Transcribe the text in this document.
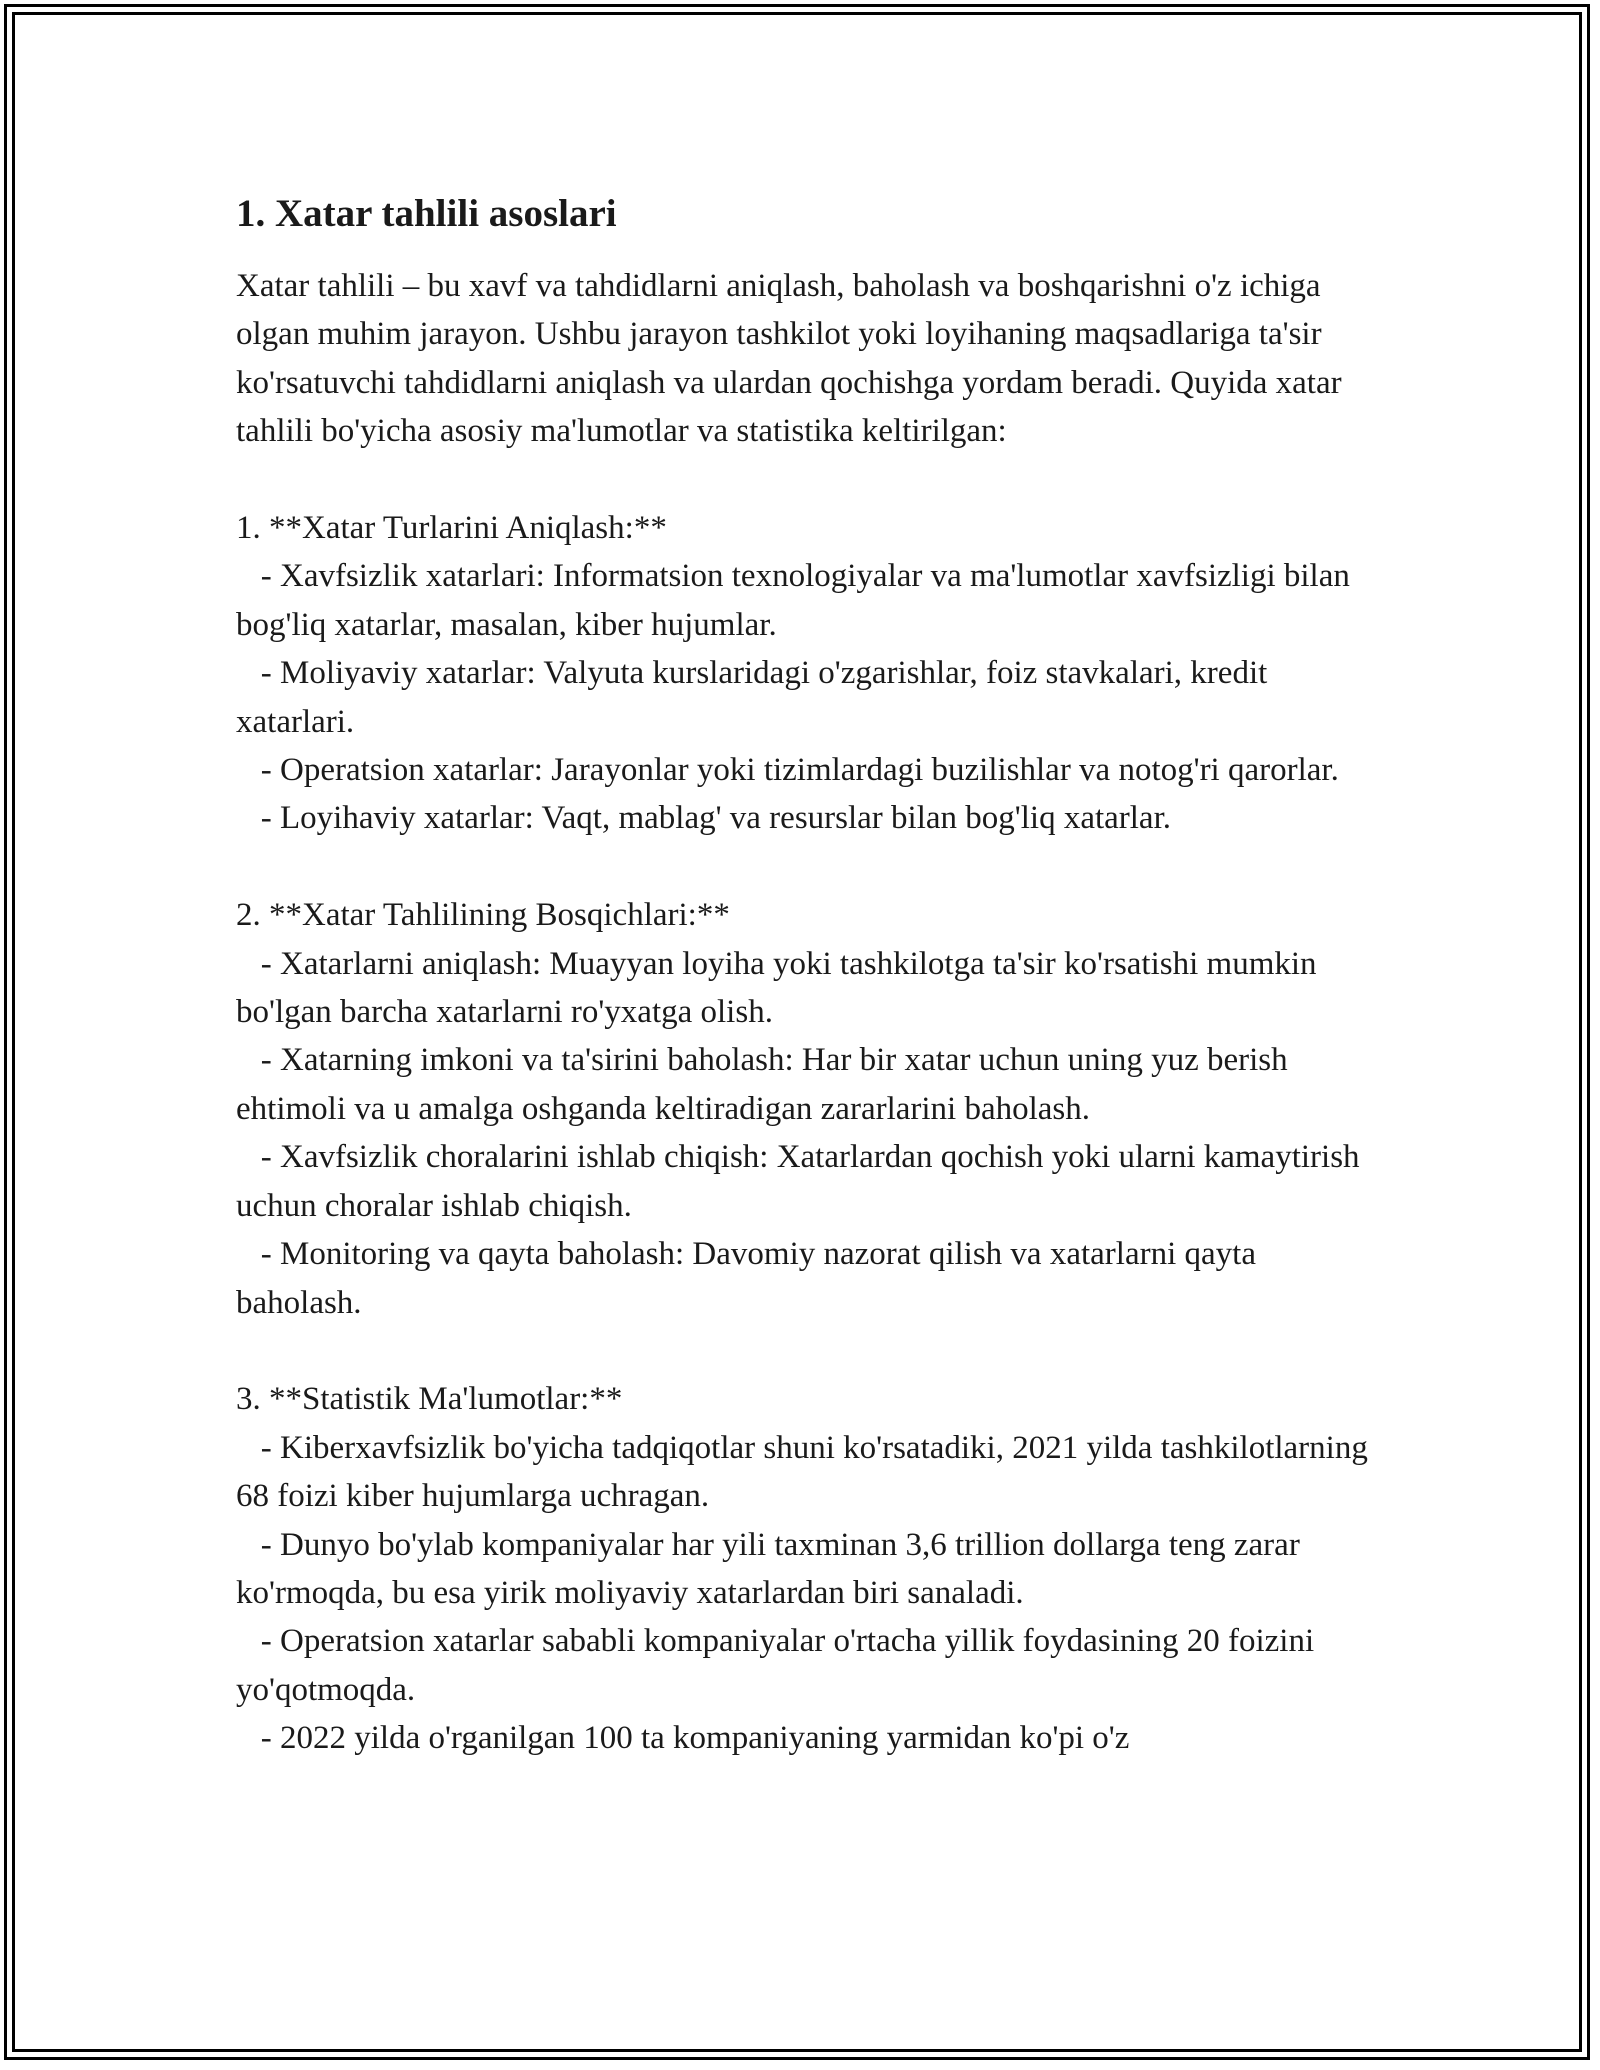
1. Xatar tahlili asoslari

Xatar tahlili – bu xavf va tahdidlarni aniqlash, baholash va boshqarishni o'z ichiga olgan muhim jarayon. Ushbu jarayon tashkilot yoki loyihaning maqsadlariga ta'sir ko'rsatuvchi tahdidlarni aniqlash va ulardan qochishga yordam beradi. Quyida xatar tahlili bo'yicha asosiy ma'lumotlar va statistika keltirilgan:

1. **Xatar Turlarini Aniqlash:**

- Xavfsizlik xatarlari: Informatsion texnologiyalar va ma'lumotlar xavfsizligi bilan bog'liq xatarlar, masalan, kiber hujumlar.

- Moliyaviy xatarlar: Valyuta kurslaridagi o'zgarishlar, foiz stavkalari, kredit xatarlari.

- Operatsion xatarlar: Jarayonlar yoki tizimlardagi buzilishlar va notog'ri qarorlar.

- Loyihaviy xatarlar: Vaqt, mablag' va resurslar bilan bog'liq xatarlar.

2. **Xatar Tahlilining Bosqichlari:**

- Xatarlarni aniqlash: Muayyan loyiha yoki tashkilotga ta'sir ko'rsatishi mumkin bo'lgan barcha xatarlarni ro'yxatga olish.

- Xatarning imkoni va ta'sirini baholash: Har bir xatar uchun uning yuz berish ehtimoli va u amalga oshganda keltiradigan zararlarini baholash.

- Xavfsizlik choralarini ishlab chiqish: Xatarlardan qochish yoki ularni kamaytirish uchun choralar ishlab chiqish.

- Monitoring va qayta baholash: Davomiy nazorat qilish va xatarlarni qayta baholash.

3. **Statistik Ma'lumotlar:**

- Kiberxavfsizlik bo'yicha tadqiqotlar shuni ko'rsatadiki, 2021 yilda tashkilotlarning 68 foizi kiber hujumlarga uchragan.

- Dunyo bo'ylab kompaniyalar har yili taxminan 3,6 trillion dollarga teng zarar ko'rmoqda, bu esa yirik moliyaviy xatarlardan biri sanaladi.

- Operatsion xatarlar sababli kompaniyalar o'rtacha yillik foydasining 20 foizini yo'qotmoqda.

- 2022 yilda o'rganilgan 100 ta kompaniyaning yarmidan ko'pi o'z
